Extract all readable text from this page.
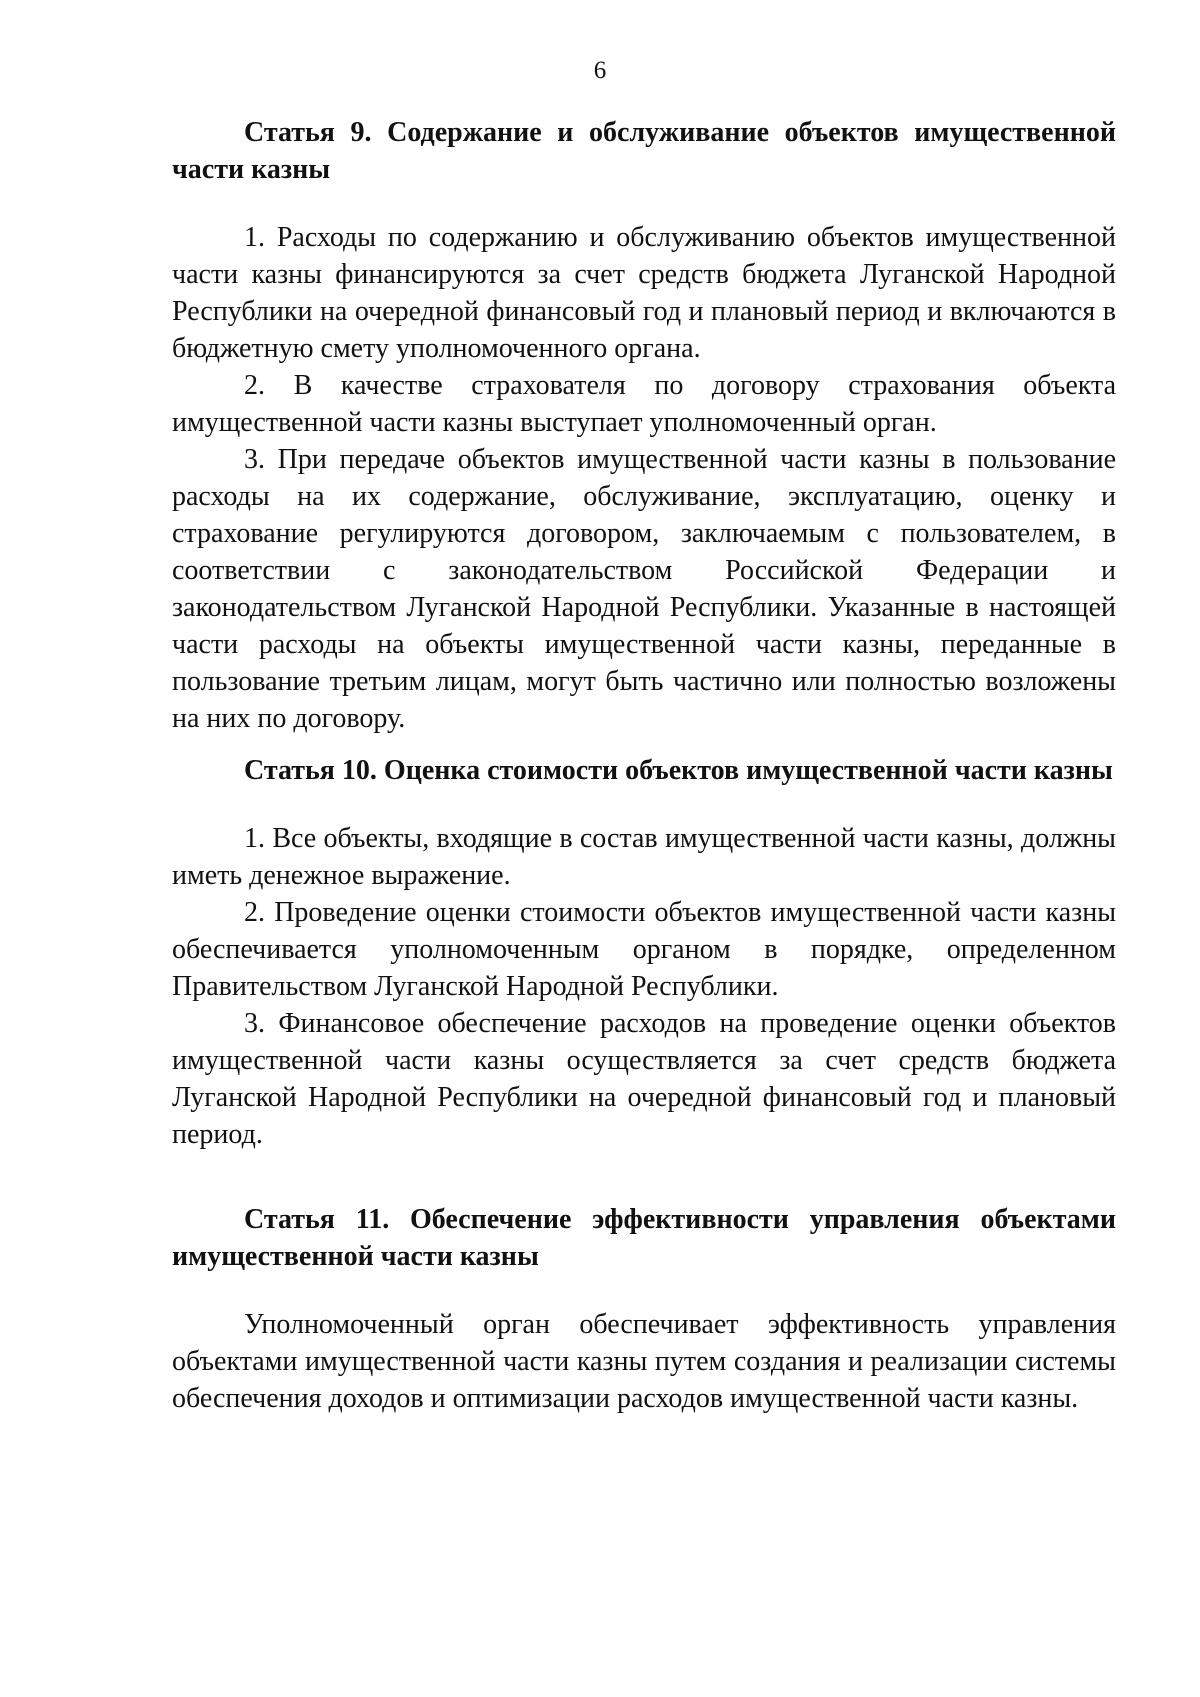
6

Статья 9. Содержание и обслуживание объектов имущественной части казны

1. Расходы по содержанию и обслуживанию объектов имущественной части казны финансируются за счет средств бюджета Луганской Народной Республики на очередной финансовый год и плановый период и включаются в бюджетную смету уполномоченного органа.

2. В качестве страхователя по договору страхования объекта имущественной части казны выступает уполномоченный орган.

3. При передаче объектов имущественной части казны в пользование расходы на их содержание, обслуживание, эксплуатацию, оценку и страхование регулируются договором, заключаемым с пользователем, в соответствии с законодательством Российской Федерации и законодательством Луганской Народной Республики. Указанные в настоящей части расходы на объекты имущественной части казны, переданные в пользование третьим лицам, могут быть частично или полностью возложены на них по договору.

Статья 10. Оценка стоимости объектов имущественной части казны

1. Все объекты, входящие в состав имущественной части казны, должны иметь денежное выражение.

2. Проведение оценки стоимости объектов имущественной части казны обеспечивается уполномоченным органом в порядке, определенном Правительством Луганской Народной Республики.

3. Финансовое обеспечение расходов на проведение оценки объектов имущественной части казны осуществляется за счет средств бюджета Луганской Народной Республики на очередной финансовый год и плановый период.

Статья 11. Обеспечение эффективности управления объектами имущественной части казны

Уполномоченный орган обеспечивает эффективность управления объектами имущественной части казны путем создания и реализации системы обеспечения доходов и оптимизации расходов имущественной части казны.
